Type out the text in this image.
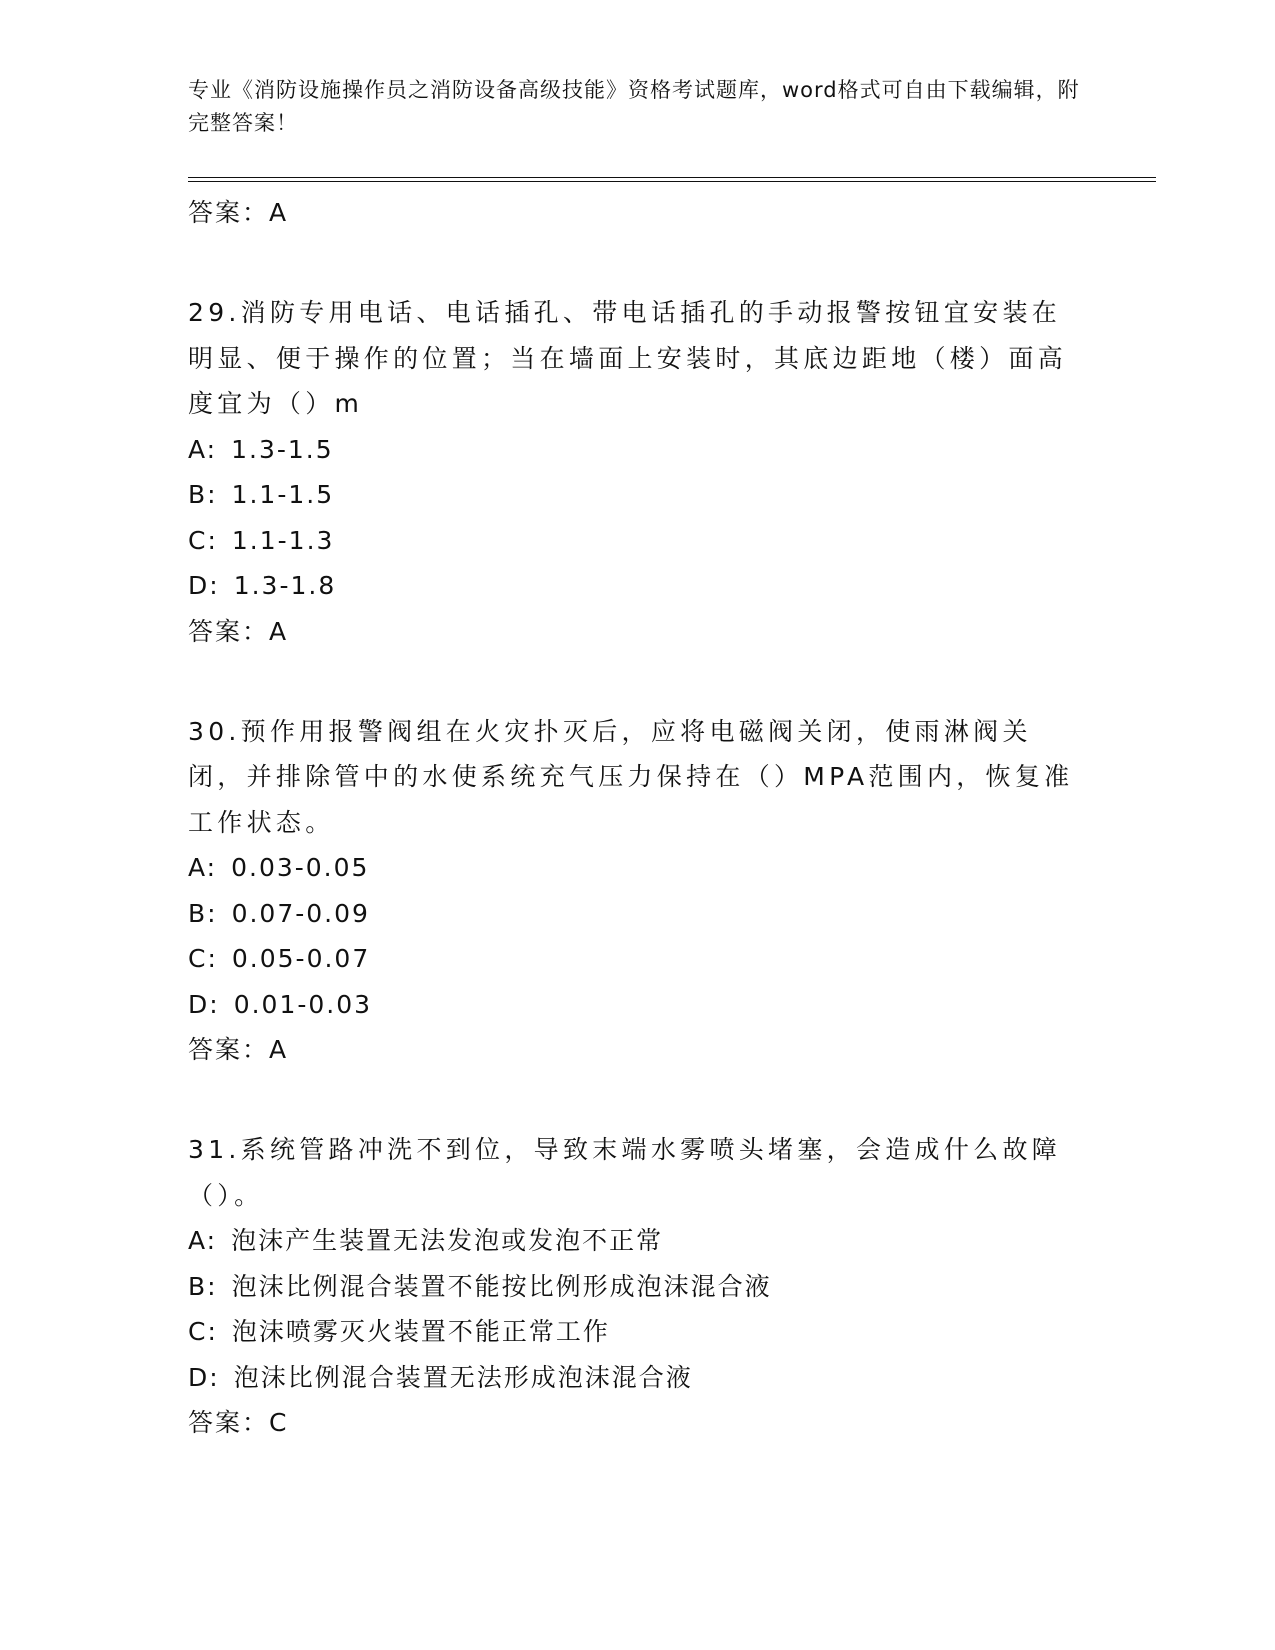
专业《消防设施操作员之消防设备高级技能》资格考试题库，word格式可自由下载编辑，附完整答案！

答案：A

29.消防专用电话、电话插孔、带电话插孔的手动报警按钮宜安装在明显、便于操作的位置；当在墙面上安装时，其底边距地（楼）面高度宜为（）m

A: 1.3-1.5

B: 1.1-1.5

C: 1.1-1.3

D: 1.3-1.8

答案：A

30.预作用报警阀组在火灾扑灭后，应将电磁阀关闭，使雨淋阀关闭，并排除管中的水使系统充气压力保持在（）MPA范围内，恢复准工作状态。

A: 0.03-0.05

B: 0.07-0.09

C: 0.05-0.07

D: 0.01-0.03

答案：A

31.系统管路冲洗不到位，导致末端水雾喷头堵塞，会造成什么故障（）。

A: 泡沫产生装置无法发泡或发泡不正常

B: 泡沫比例混合装置不能按比例形成泡沫混合液

C: 泡沫喷雾灭火装置不能正常工作

D: 泡沫比例混合装置无法形成泡沫混合液

答案：C
